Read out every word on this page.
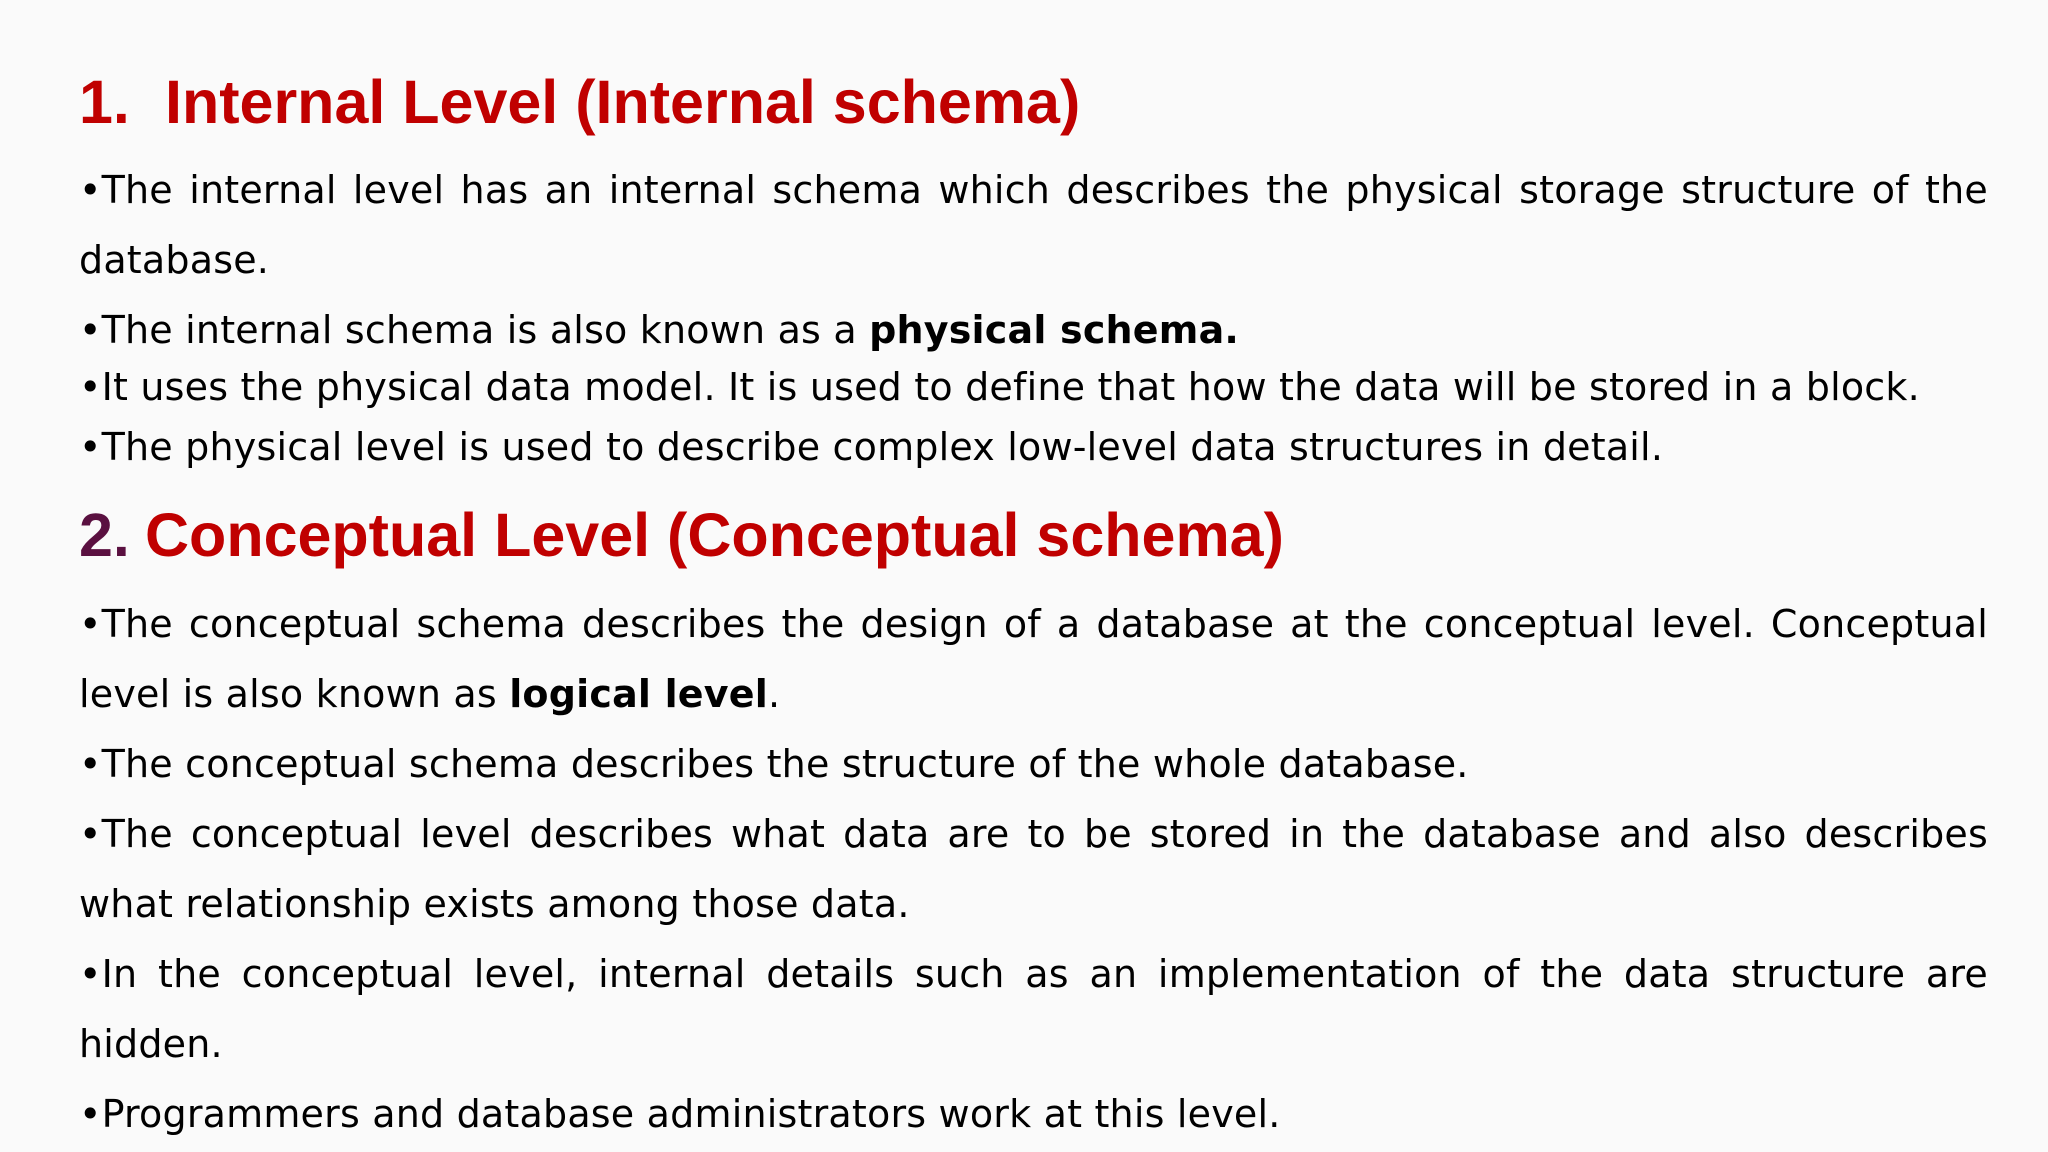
1. Internal Level (Internal schema)

•The internal level has an internal schema which describes the physical storage structure of the database.

•The internal schema is also known as a physical schema.

•It uses the physical data model. It is used to define that how the data will be stored in a block.

•The physical level is used to describe complex low-level data structures in detail.

2. Conceptual Level (Conceptual schema)

•The conceptual schema describes the design of a database at the conceptual level. Conceptual level is also known as logical level.

•The conceptual schema describes the structure of the whole database.

•The conceptual level describes what data are to be stored in the database and also describes what relationship exists among those data.

•In the conceptual level, internal details such as an implementation of the data structure are hidden.

•Programmers and database administrators work at this level.
